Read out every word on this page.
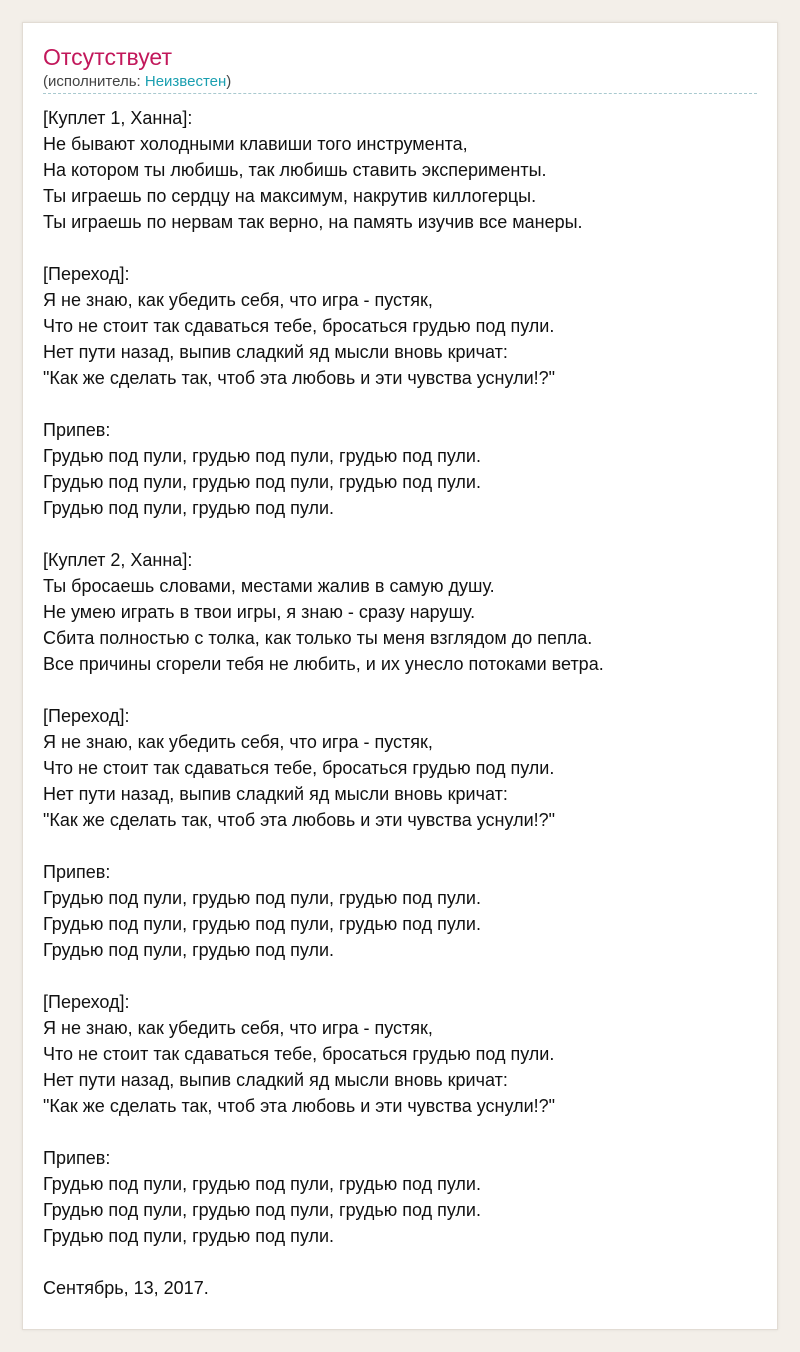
Отсутствует
(исполнитель: Неизвестен)
[Куплет 1, Ханна]:
Не бывают холодными клавиши того инструмента,
На котором ты любишь, так любишь ставить эксперименты.
Ты играешь по сердцу на максимум, накрутив киллогерцы.
Ты играешь по нервам так верно, на память изучив все манеры.
[Переход]:
Я не знаю, как убедить себя, что игра - пустяк,
Что не стоит так сдаваться тебе, бросаться грудью под пули.
Нет пути назад, выпив сладкий яд мысли вновь кричат:
"Как же сделать так, чтоб эта любовь и эти чувства уснули!?"
Припев:
Грудью под пули, грудью под пули, грудью под пули.
Грудью под пули, грудью под пули, грудью под пули.
Грудью под пули, грудью под пули.
[Куплет 2, Ханна]:
Ты бросаешь словами, местами жалив в самую душу.
Не умею играть в твои игры, я знаю - сразу нарушу.
Сбита полностью с толка, как только ты меня взглядом до пепла.
Все причины сгорели тебя не любить, и их унесло потоками ветра.
[Переход]:
Я не знаю, как убедить себя, что игра - пустяк,
Что не стоит так сдаваться тебе, бросаться грудью под пули.
Нет пути назад, выпив сладкий яд мысли вновь кричат:
"Как же сделать так, чтоб эта любовь и эти чувства уснули!?"
Припев:
Грудью под пули, грудью под пули, грудью под пули.
Грудью под пули, грудью под пули, грудью под пули.
Грудью под пули, грудью под пули.
[Переход]:
Я не знаю, как убедить себя, что игра - пустяк,
Что не стоит так сдаваться тебе, бросаться грудью под пули.
Нет пути назад, выпив сладкий яд мысли вновь кричат:
"Как же сделать так, чтоб эта любовь и эти чувства уснули!?"
Припев:
Грудью под пули, грудью под пули, грудью под пули.
Грудью под пули, грудью под пули, грудью под пули.
Грудью под пули, грудью под пули.
Сентябрь, 13, 2017.
